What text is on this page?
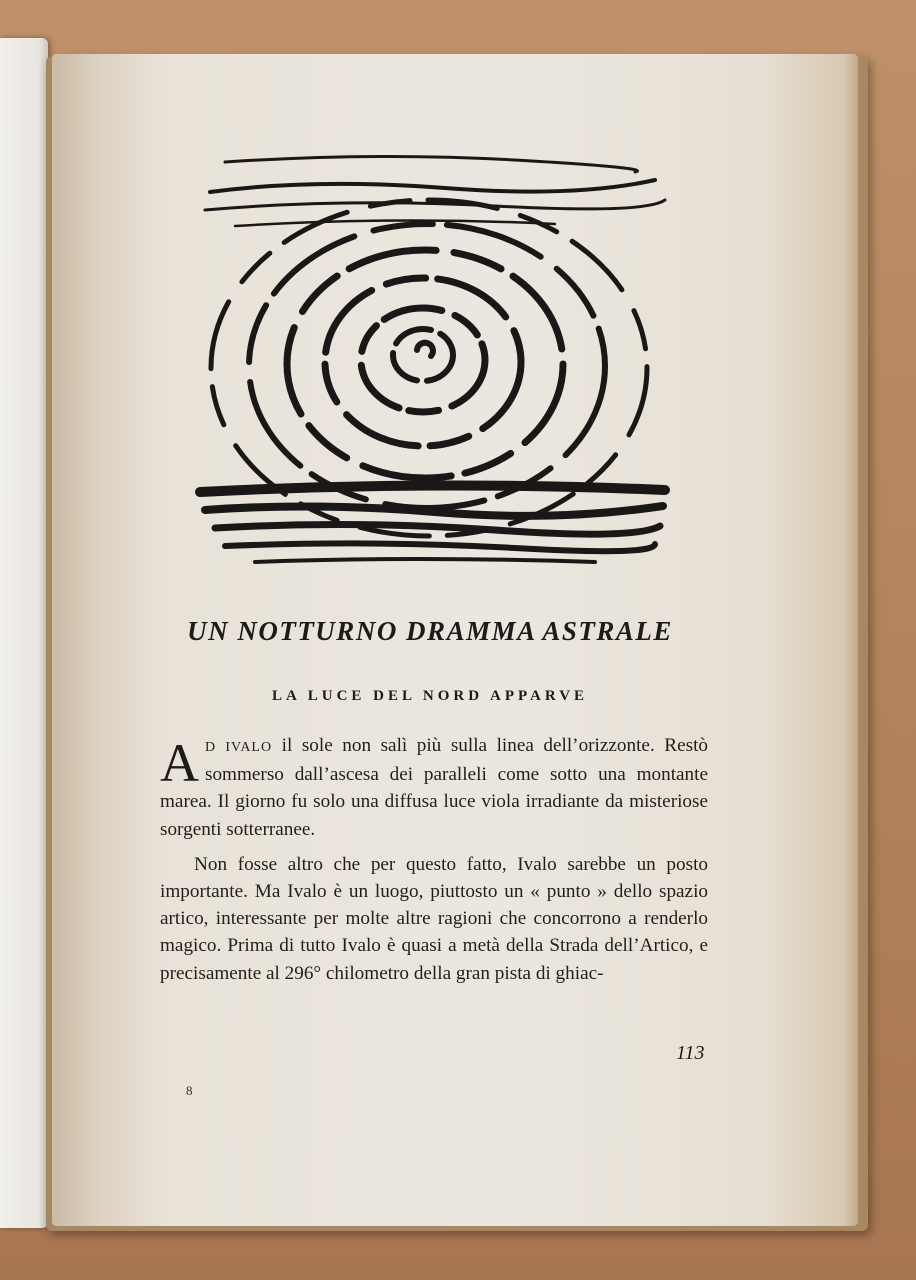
UN NOTTURNO DRAMMA ASTRALE
LA LUCE DEL NORD APPARVE

A D IVALO il sole non salì più sulla linea dell’orizzonte. Restò sommerso dall’ascesa dei paralleli come sotto una montante marea. Il giorno fu solo una diffusa luce viola irradiante da misteriose sorgenti sotterranee.

Non fosse altro che per questo fatto, Ivalo sarebbe un posto importante. Ma Ivalo è un luogo, piuttosto un « punto » dello spazio artico, interessante per molte altre ragioni che concorrono a renderlo magico. Prima di tutto Ivalo è quasi a metà della Strada dell’Artico, e precisamente al 296° chilometro della gran pista di ghiac-

113
8
